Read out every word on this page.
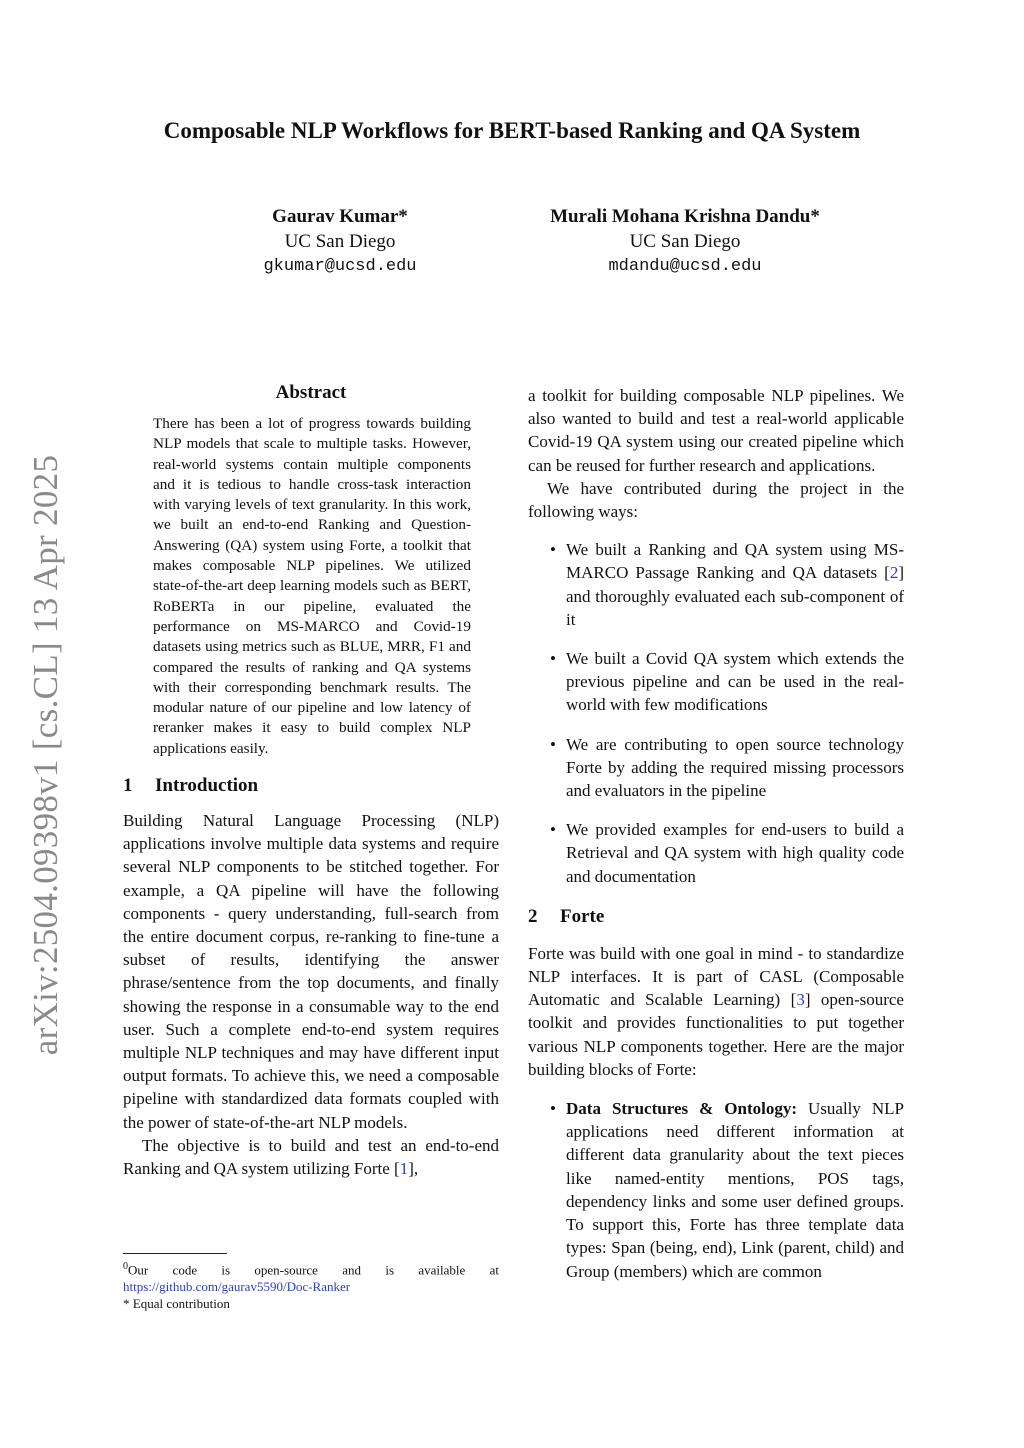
arXiv:2504.09398v1 [cs.CL] 13 Apr 2025
Composable NLP Workflows for BERT-based Ranking and QA System
Gaurav Kumar*
UC San Diego
gkumar@ucsd.edu
Murali Mohana Krishna Dandu*
UC San Diego
mdandu@ucsd.edu
Abstract

There has been a lot of progress towards building NLP models that scale to multiple tasks. However, real-world systems contain multiple components and it is tedious to handle cross-task interaction with varying levels of text granularity. In this work, we built an end-to-end Ranking and Question-Answering (QA) system using Forte, a toolkit that makes composable NLP pipelines. We utilized state-of-the-art deep learning models such as BERT, RoBERTa in our pipeline, evaluated the performance on MS-MARCO and Covid-19 datasets using metrics such as BLUE, MRR, F1 and compared the results of ranking and QA systems with their corresponding benchmark results. The modular nature of our pipeline and low latency of reranker makes it easy to build complex NLP applications easily.

1 Introduction

Building Natural Language Processing (NLP) applications involve multiple data systems and require several NLP components to be stitched together. For example, a QA pipeline will have the following components - query understanding, full-search from the entire document corpus, re-ranking to fine-tune a subset of results, identifying the answer phrase/sentence from the top documents, and finally showing the response in a consumable way to the end user. Such a complete end-to-end system requires multiple NLP techniques and may have different input output formats. To achieve this, we need a composable pipeline with standardized data formats coupled with the power of state-of-the-art NLP models.

The objective is to build and test an end-to-end Ranking and QA system utilizing Forte [1],

$^0$Our code is open-source and is available at

https://github.com/gaurav5590/Doc-Ranker

* Equal contribution

a toolkit for building composable NLP pipelines. We also wanted to build and test a real-world applicable Covid-19 QA system using our created pipeline which can be reused for further research and applications.

We have contributed during the project in the following ways:

• We built a Ranking and QA system using MS-MARCO Passage Ranking and QA datasets [2] and thoroughly evaluated each sub-component of it
• We built a Covid QA system which extends the previous pipeline and can be used in the real-world with few modifications
• We are contributing to open source technology Forte by adding the required missing processors and evaluators in the pipeline
• We provided examples for end-users to build a Retrieval and QA system with high quality code and documentation
2 Forte

Forte was build with one goal in mind - to standardize NLP interfaces. It is part of CASL (Composable Automatic and Scalable Learning) [3] open-source toolkit and provides functionalities to put together various NLP components together. Here are the major building blocks of Forte:

• Data Structures & Ontology: Usually NLP applications need different information at different data granularity about the text pieces like named-entity mentions, POS tags, dependency links and some user defined groups. To support this, Forte has three template data types: Span (being, end), Link (parent, child) and Group (members) which are common
